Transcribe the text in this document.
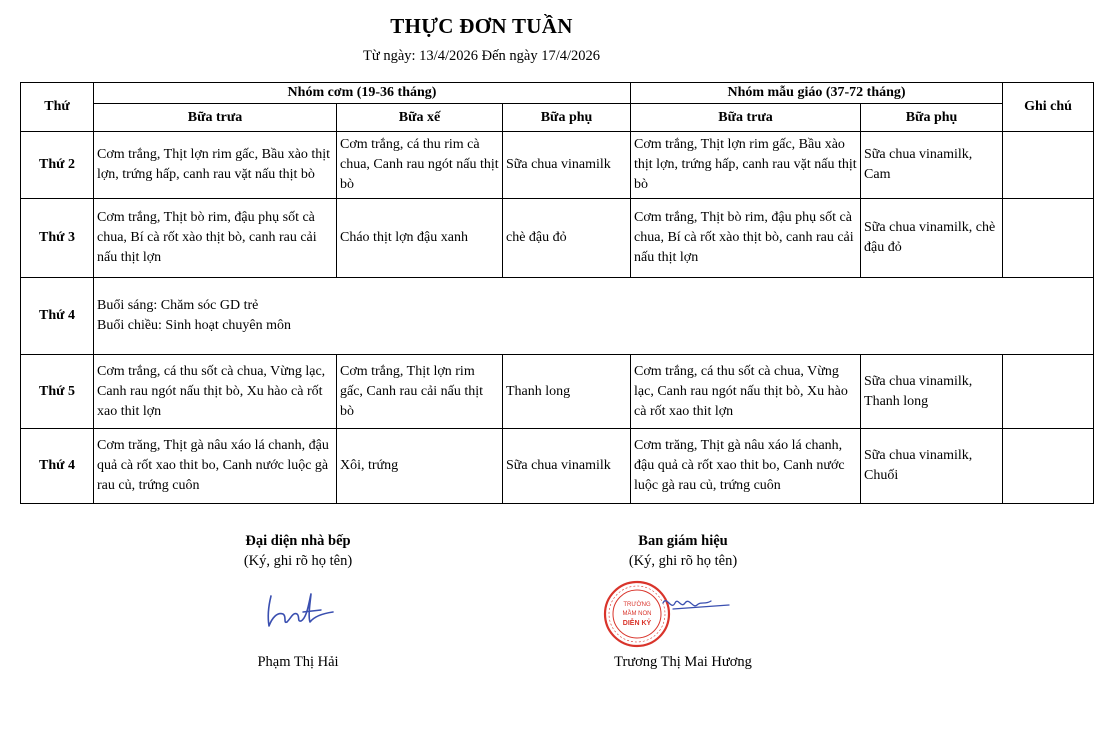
THỰC ĐƠN TUẦN
Từ ngày: 13/4/2026 Đến ngày 17/4/2026
Thứ	Nhóm cơm (19-36 tháng)			Nhóm mẫu giáo (37-72 tháng)		Ghi chú
	Bữa trưa	Bữa xế	Bữa phụ	Bữa trưa	Bữa phụ	
Thứ 2	Cơm trắng, Thịt lợn rim gấc, Bầu xào thịt lợn, trứng hấp, canh rau vặt nấu thịt bò	Cơm trắng, cá thu rim cà chua, Canh rau ngót nấu thịt bò	Sữa chua vinamilk	Cơm trắng, Thịt lợn rim gấc, Bầu xào thịt lợn, trứng hấp, canh rau vặt nấu thịt bò	Sữa chua vinamilk, Cam	
Thứ 3	Cơm trắng, Thịt bò rim, đậu phụ sốt cà chua, Bí cà rốt xào thịt bò, canh rau cải nấu thịt lợn	Cháo thịt lợn đậu xanh	chè đậu đỏ	Cơm trắng, Thịt bò rim, đậu phụ sốt cà chua, Bí cà rốt xào thịt bò, canh rau cải nấu thịt lợn	Sữa chua vinamilk, chè đậu đỏ	
Thứ 4	Buổi sáng: Chăm sóc GD trẻ
Buổi chiều: Sinh hoạt chuyên môn					

Thứ 5	Cơm trắng, cá thu sốt cà chua, Vừng lạc, Canh rau ngót nấu thịt bò, Xu hào cà rốt xao thit lợn	Cơm trắng, Thịt lợn rim gấc, Canh rau cải nấu thịt bò	Thanh long	Cơm trắng, cá thu sốt cà chua, Vừng lạc, Canh rau ngót nấu thịt bò, Xu hào cà rốt xao thit lợn	Sữa chua vinamilk, Thanh long	
Thứ 4	Cơm trăng, Thịt gà nâu xáo lá chanh, đậu quả cà rốt xao thit bo, Canh nước luộc gà rau củ, trứng cuôn	Xôi, trứng	Sữa chua vinamilk	Cơm trăng, Thịt gà nâu xáo lá chanh, đậu quả cà rốt xao thit bo, Canh nước luộc gà rau củ, trứng cuôn	Sữa chua vinamilk, Chuối	
Đại diện nhà bếp
(Ký, ghi rõ họ tên)
Phạm Thị Hải
Ban giám hiệu
(Ký, ghi rõ họ tên)
TRƯỜNG
MẦM NON
DIỄN KỶ
Trương Thị Mai Hương
